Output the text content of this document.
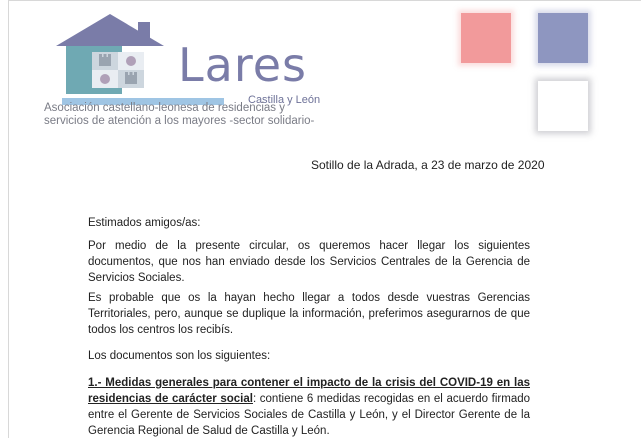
Lares
Castilla y León
Asociación castellano-leonesa de residencias y
servicios de atención a los mayores -sector solidario-
Sotillo de la Adrada, a 23 de marzo de 2020
Estimados amigos/as:
Por medio de la presente circular, os queremos hacer llegar los siguientes documentos, que nos han enviado desde los Servicios Centrales de la Gerencia de Servicios Sociales.
Es probable que os la hayan hecho llegar a todos desde vuestras Gerencias Territoriales, pero, aunque se duplique la información, preferimos asegurarnos de que todos los centros los recibís.
Los documentos son los siguientes:
1.- Medidas generales para contener el impacto de la crisis del COVID-19 en las residencias de carácter social: contiene 6 medidas recogidas en el acuerdo firmado entre el Gerente de Servicios Sociales de Castilla y León, y el Director Gerente de la Gerencia Regional de Salud de Castilla y León.
